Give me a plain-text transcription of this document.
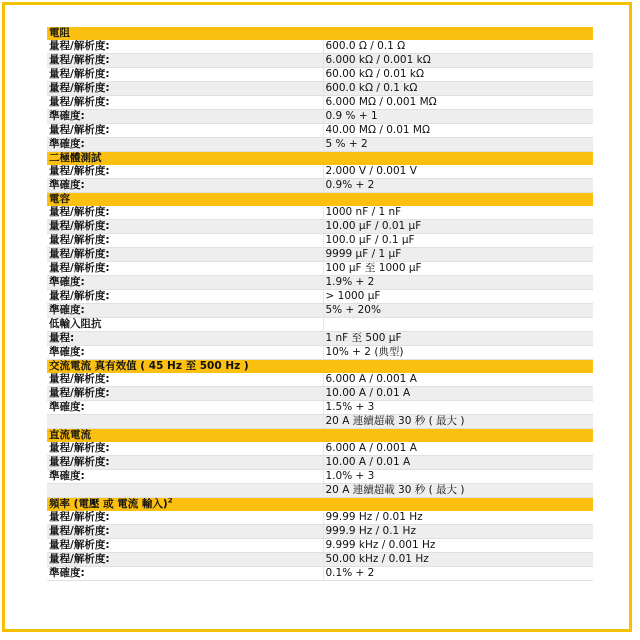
電阻	
量程/解析度:	600.0 Ω / 0.1 Ω
量程/解析度:	6.000 kΩ / 0.001 kΩ
量程/解析度:	60.00 kΩ / 0.01 kΩ
量程/解析度:	600.0 kΩ / 0.1 kΩ
量程/解析度:	6.000 MΩ / 0.001 MΩ
準確度:	0.9 % + 1
量程/解析度:	40.00 MΩ / 0.01 MΩ
準確度:	5 % + 2
二極體測試	
量程/解析度:	2.000 V / 0.001 V
準確度:	0.9% + 2
電容	
量程/解析度:	1000 nF / 1 nF
量程/解析度:	10.00 µF / 0.01 µF
量程/解析度:	100.0 µF / 0.1 µF
量程/解析度:	9999 µF / 1 µF
量程/解析度:	100 µF 至 1000 µF
準確度:	1.9% + 2
量程/解析度:	> 1000 µF
準確度:	5% + 20%
低輸入阻抗	
量程:	1 nF 至 500 µF
準確度:	10% + 2 (典型)
交流電流 真有效值 ( 45 Hz 至 500 Hz )	
量程/解析度:	6.000 A / 0.001 A
量程/解析度:	10.00 A / 0.01 A
準確度:	1.5% + 3
	20 A 連續超載 30 秒 ( 最大 )
直流電流	
量程/解析度:	6.000 A / 0.001 A
量程/解析度:	10.00 A / 0.01 A
準確度:	1.0% + 3
	20 A 連續超載 30 秒 ( 最大 )
頻率 (電壓 或 電流 輸入)$^2$	
量程/解析度:	99.99 Hz / 0.01 Hz
量程/解析度:	999.9 Hz / 0.1 Hz
量程/解析度:	9.999 kHz / 0.001 Hz
量程/解析度:	50.00 kHz / 0.01 Hz
準確度:	0.1% + 2
